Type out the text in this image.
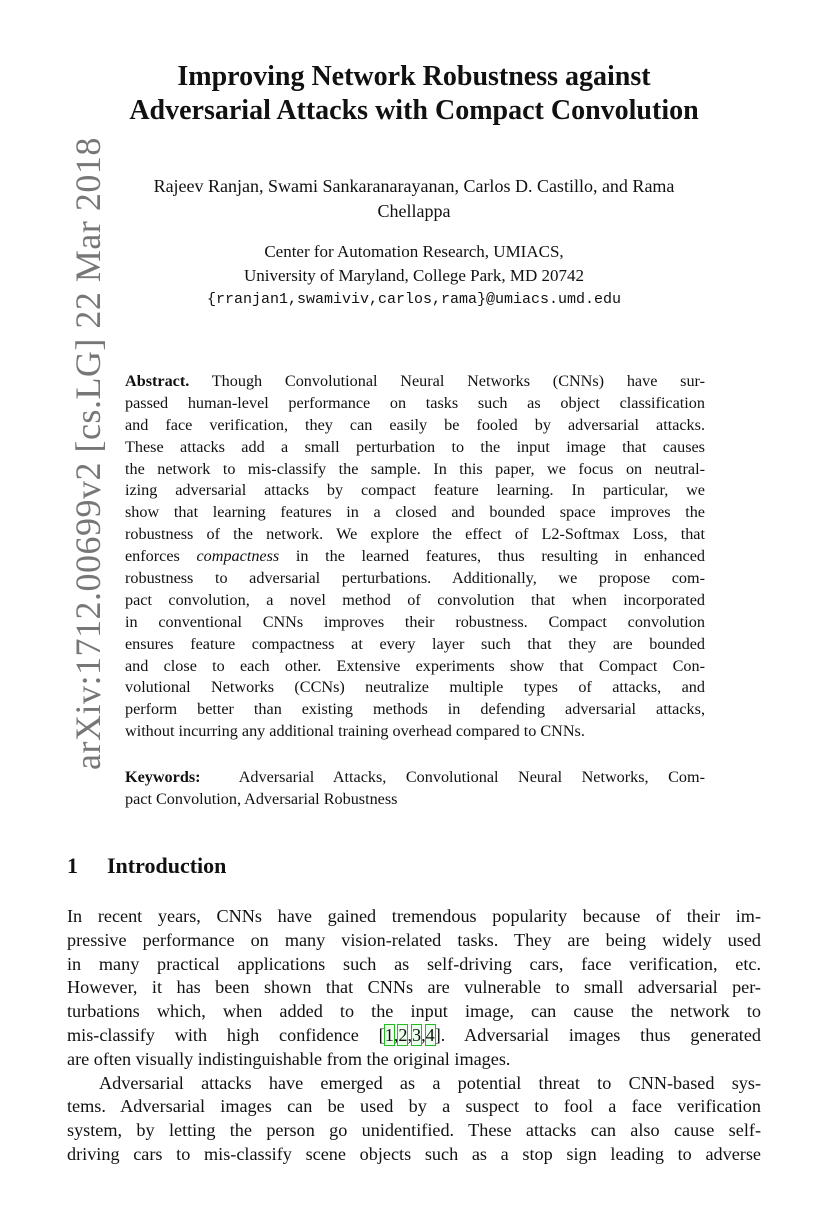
arXiv:1712.00699v2 [cs.LG] 22 Mar 2018
Improving Network Robustness against
Adversarial Attacks with Compact Convolution
Rajeev Ranjan, Swami Sankaranarayanan, Carlos D. Castillo, and Rama
Chellappa
Center for Automation Research, UMIACS,
University of Maryland, College Park, MD 20742
{rranjan1,swamiviv,carlos,rama}@umiacs.umd.edu
Abstract. Though Convolutional Neural Networks (CNNs) have sur-
passed human-level performance on tasks such as object classification
and face verification, they can easily be fooled by adversarial attacks.
These attacks add a small perturbation to the input image that causes
the network to mis-classify the sample. In this paper, we focus on neutral-
izing adversarial attacks by compact feature learning. In particular, we
show that learning features in a closed and bounded space improves the
robustness of the network. We explore the effect of L2-Softmax Loss, that
enforces compactness in the learned features, thus resulting in enhanced
robustness to adversarial perturbations. Additionally, we propose com-
pact convolution, a novel method of convolution that when incorporated
in conventional CNNs improves their robustness. Compact convolution
ensures feature compactness at every layer such that they are bounded
and close to each other. Extensive experiments show that Compact Con-
volutional Networks (CCNs) neutralize multiple types of attacks, and
perform better than existing methods in defending adversarial attacks,
without incurring any additional training overhead compared to CNNs.
Keywords: Adversarial Attacks, Convolutional Neural Networks, Com-
pact Convolution, Adversarial Robustness
1 Introduction
In recent years, CNNs have gained tremendous popularity because of their im-
pressive performance on many vision-related tasks. They are being widely used
in many practical applications such as self-driving cars, face verification, etc.
However, it has been shown that CNNs are vulnerable to small adversarial per-
turbations which, when added to the input image, can cause the network to
mis-classify with high confidence [1,2,3,4]. Adversarial images thus generated
are often visually indistinguishable from the original images.
Adversarial attacks have emerged as a potential threat to CNN-based sys-
tems. Adversarial images can be used by a suspect to fool a face verification
system, by letting the person go unidentified. These attacks can also cause self-
driving cars to mis-classify scene objects such as a stop sign leading to adverse
